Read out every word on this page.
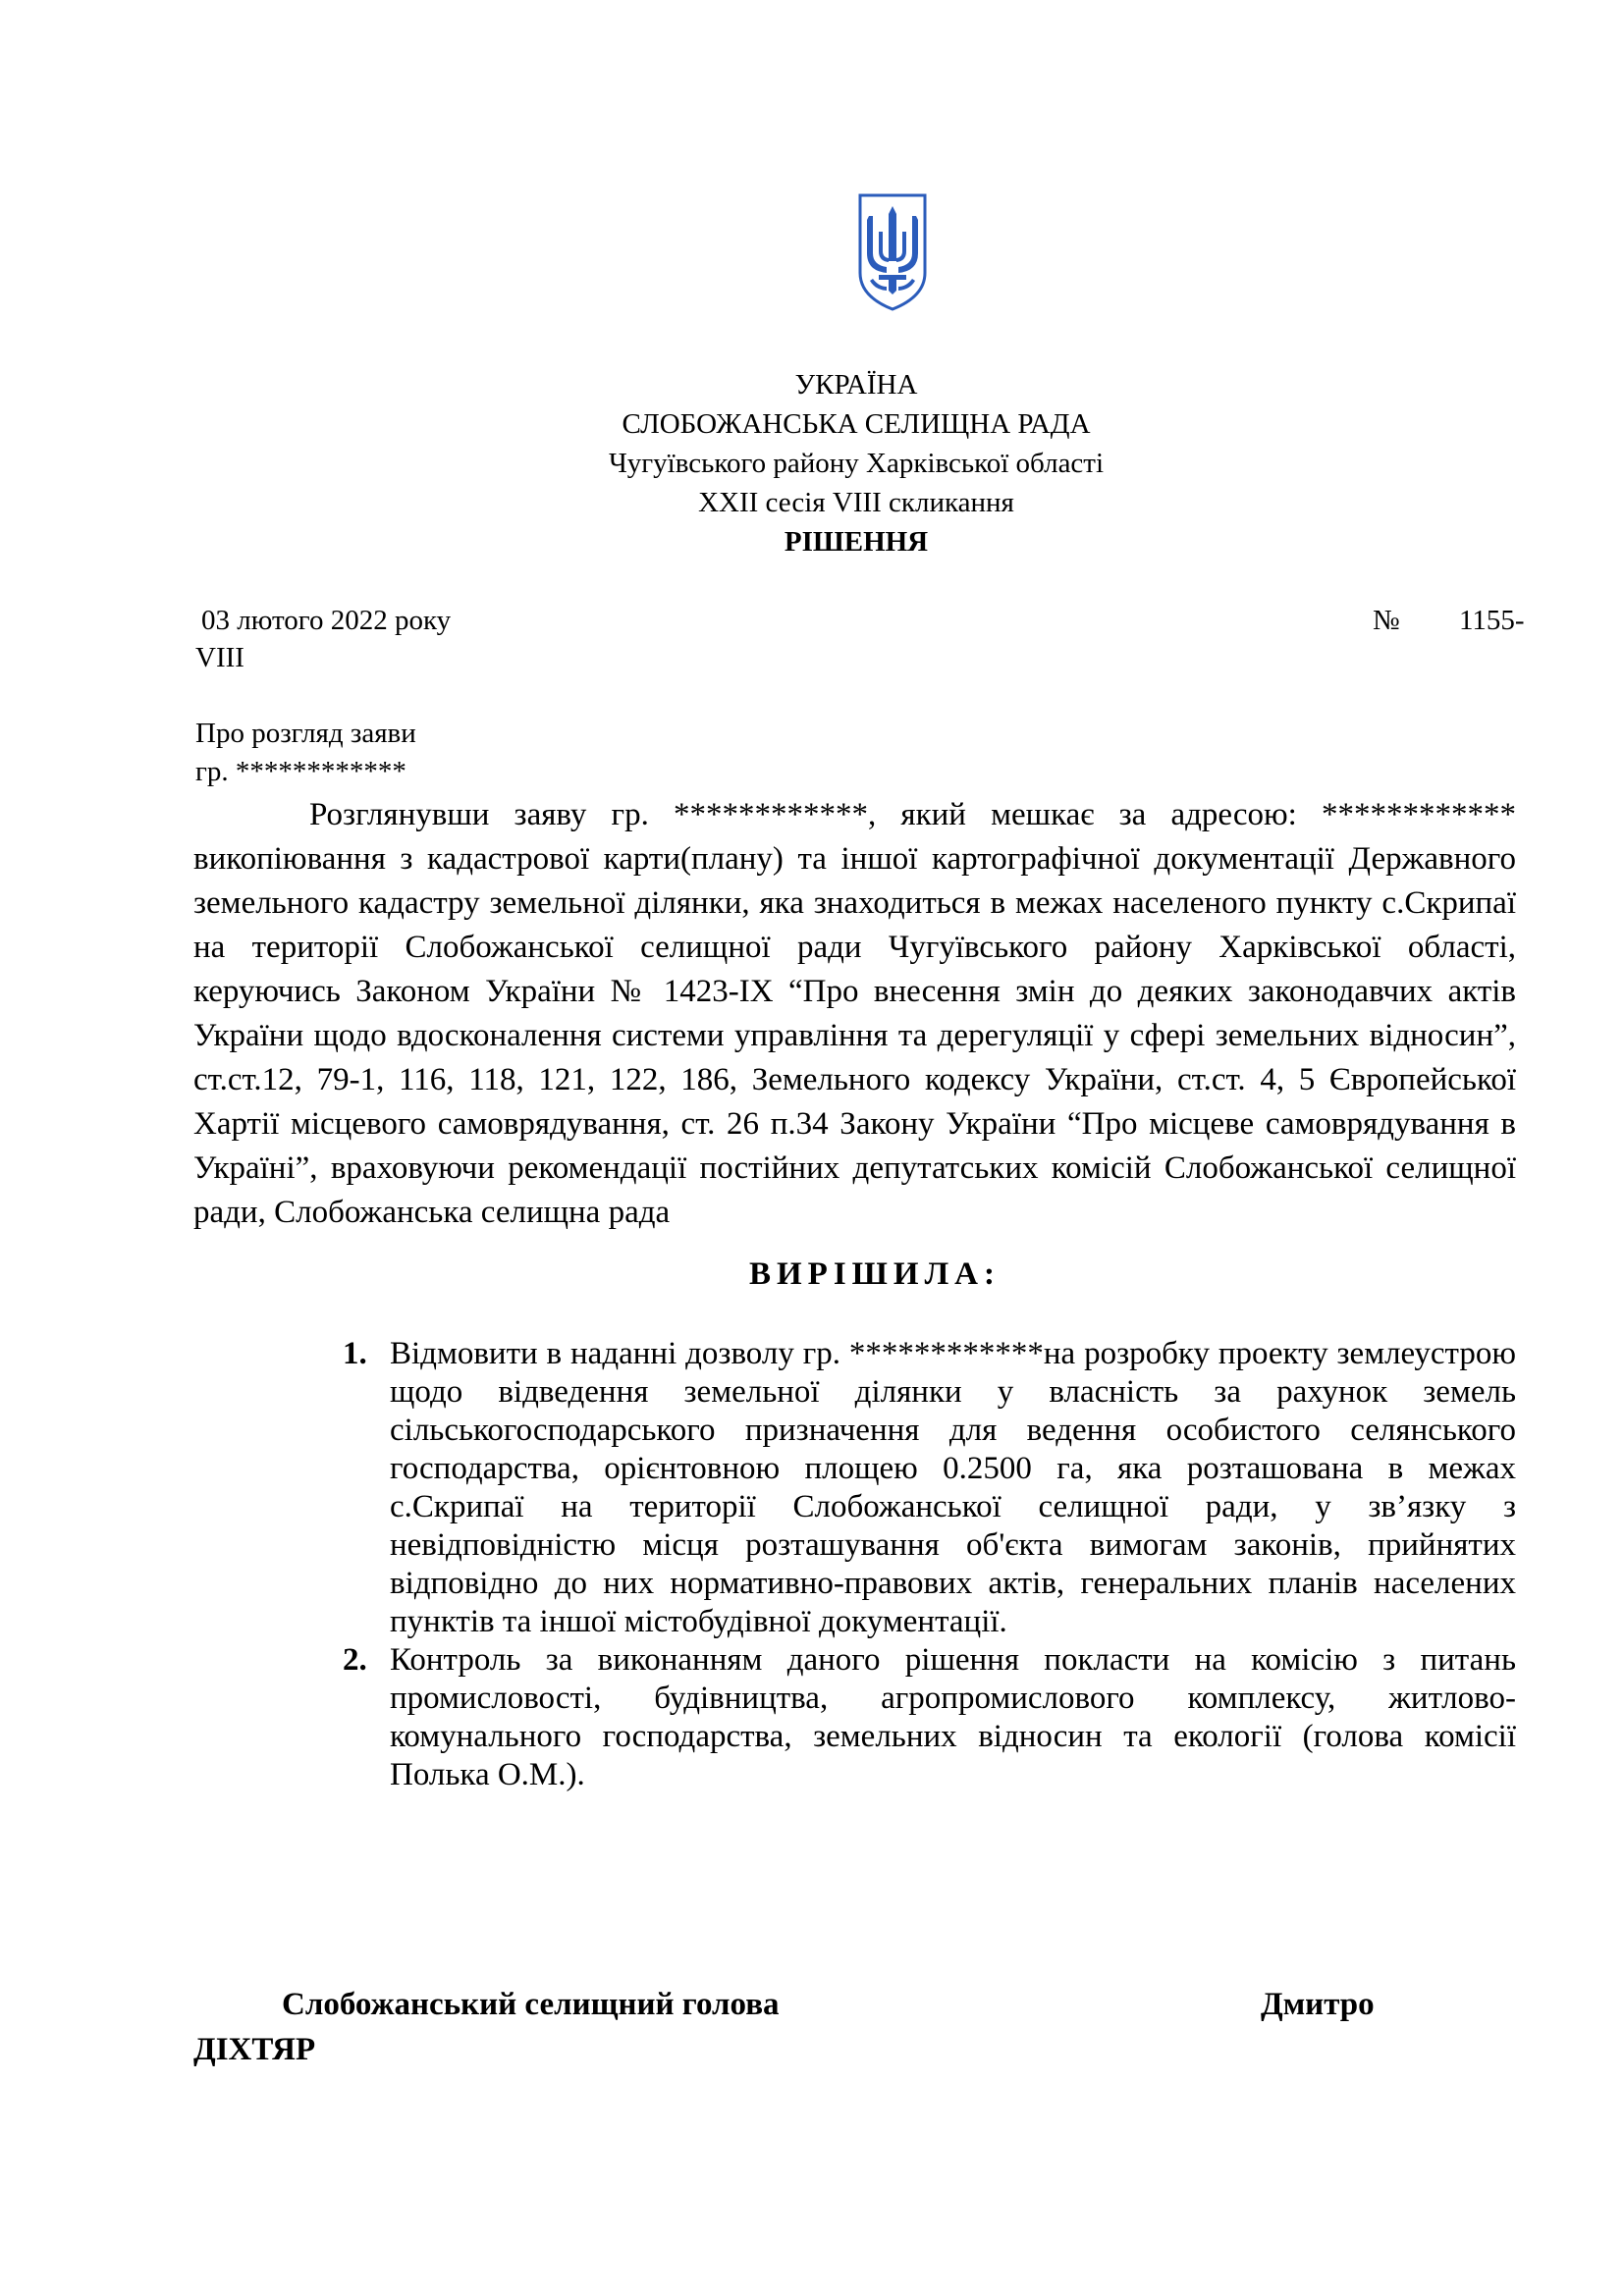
УКРАЇНА
СЛОБОЖАНСЬКА СЕЛИЩНА РАДА
Чугуївського району Харківської області
XXII сесія VIII скликання
РІШЕННЯ
03 лютого 2022 року	№ 1155-
VIII
Про розгляд заяви
гр. ************

Розглянувши заяву гр. ************, який мешкає за адресою: ************ викопіювання з кадастрової карти(плану) та іншої картографічної документації Державного земельного кадастру земельної ділянки, яка знаходиться в межах населеного пункту с.Скрипаї на території Слобожанської селищної ради Чугуївського району Харківської області, керуючись Законом України № 1423-IX “Про внесення змін до деяких законодавчих актів України щодо вдосконалення системи управління та дерегуляції у сфері земельних відносин”, ст.ст.12, 79-1, 116, 118, 121, 122, 186, Земельного кодексу України, ст.ст. 4, 5 Європейської Хартії місцевого самоврядування, ст. 26 п.34 Закону України “Про місцеве самоврядування в Україні”, враховуючи рекомендації постійних депутатських комісій Слобожанської селищної ради, Слобожанська селищна рада

ВИРІШИЛА:
1. Відмовити в наданні дозволу гр. ************на розробку проекту землеустрою щодо відведення земельної ділянки у власність за рахунок земель сільськогосподарського призначення для ведення особистого селянського господарства, орієнтовною площею 0.2500 га, яка розташована в межах с.Скрипаї на території Слобожанської селищної ради, у зв’язку з невідповідністю місця розташування об'єкта вимогам законів, прийнятих відповідно до них нормативно-правових актів, генеральних планів населених пунктів та іншої містобудівної документації.
2. Контроль за виконанням даного рішення покласти на комісію з питань промисловості, будівництва, агропромислового комплексу, житлово-комунального господарства, земельних відносин та екології (голова комісії Полька О.М.).
Слобожанський селищний голова	Дмитро
ДІХТЯР
